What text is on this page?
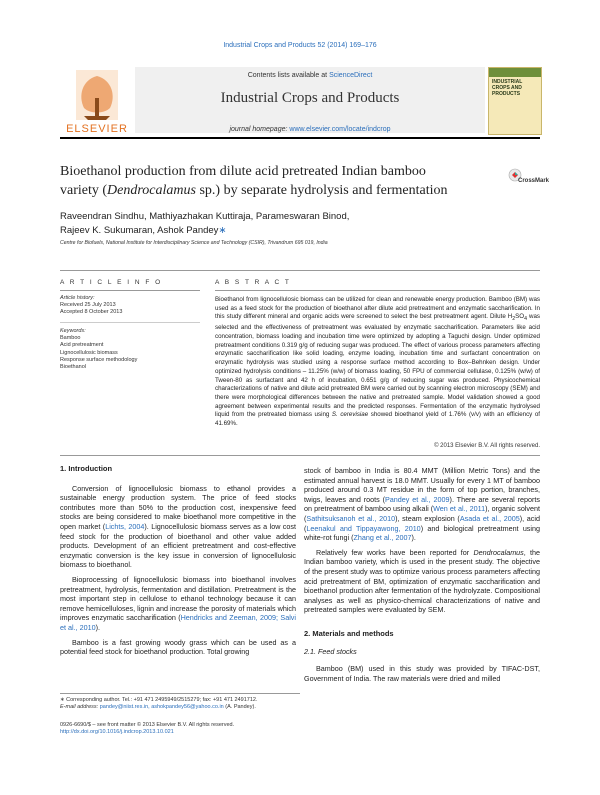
Industrial Crops and Products 52 (2014) 169–176
ELSEVIER
Contents lists available at ScienceDirect
Industrial Crops and Products
journal homepage: www.elsevier.com/locate/indcrop
INDUSTRIAL CROPS AND PRODUCTS
Bioethanol production from dilute acid pretreated Indian bamboo
variety (Dendrocalamus sp.) by separate hydrolysis and fermentation
CrossMark
Raveendran Sindhu, Mathiyazhakan Kuttiraja, Parameswaran Binod,
Rajeev K. Sukumaran, Ashok Pandey∗
Centre for Biofuels, National Institute for Interdisciplinary Science and Technology (CSIR), Trivandrum 695 019, India
A R T I C L E I N F O
Article history:
Received 25 July 2013
Accepted 8 October 2013
Keywords:
Bamboo
Acid pretreatment
Lignocellulosic biomass
Response surface methodology
Bioethanol
A B S T R A C T
Bioethanol from lignocellulosic biomass can be utilized for clean and renewable energy production. Bamboo (BM) was used as a feed stock for the production of bioethanol after dilute acid pretreatment and enzymatic saccharification. In this study different mineral and organic acids were screened to select the best pretreatment agent. Dilute $H_2SO_4$ was selected and the effectiveness of pretreatment was evaluated by enzymatic saccharification. Parameters like acid concentration, biomass loading and incubation time were optimized by adopting a Taguchi design. Under optimized pretreatment conditions 0.319 g/g of reducing sugar was produced. The effect of various process parameters affecting enzymatic saccharification like solid loading, enzyme loading, incubation time and surfactant concentration on enzymatic hydrolysis was studied using a response surface method according to Box–Behnken design. Under optimized hydrolysis conditions – 11.25% (w/w) of biomass loading, 50 FPU of commercial cellulase, 0.125% (w/w) of Tween-80 as surfactant and 42 h of incubation, 0.651 g/g of reducing sugar was produced. Physicochemical characterizations of native and dilute acid pretreated BM were carried out by scanning electron microscopy (SEM) and there were morphological differences between the native and pretreated sample. Model validation showed a good agreement between experimental results and the predicted responses. Fermentation of the enzymatic hydrolysed liquid from the pretreated biomass using S. cerevisiae showed bioethanol yield of 1.76% (v/v) with an efficiency of 41.69%.
© 2013 Elsevier B.V. All rights reserved.
1. Introduction

Conversion of lignocellulosic biomass to ethanol provides a sustainable energy production system. The price of feed stocks contributes more than 50% to the production cost, inexpensive feed stocks are being considered to make bioethanol more competitive in the open market (Lichts, 2004). Lignocellulosic biomass serves as a low cost feed stock for the production of bioethanol and other value added products. Development of an efficient pretreatment and cost-effective enzymatic conversion is the key issue in conversion of lignocellulosic biomass to bioethanol.

Bioprocessing of lignocellulosic biomass into bioethanol involves pretreatment, hydrolysis, fermentation and distillation. Pretreatment is the most important step in cellulose to ethanol technology because it can remove hemicelluloses, lignin and increase the porosity of materials which improves enzymatic saccharification (Hendricks and Zeeman, 2009; Salvi et al., 2010).

Bamboo is a fast growing woody grass which can be used as a potential feed stock for bioethanol production. Total growing

stock of bamboo in India is 80.4 MMT (Million Metric Tons) and the estimated annual harvest is 18.0 MMT. Usually for every 1 MT of bamboo produced around 0.3 MT residue in the form of top portion, branches, twigs, leaves and roots (Pandey et al., 2009). There are several reports on pretreatment of bamboo using alkali (Wen et al., 2011), organic solvent (Sathitsuksanoh et al., 2010), steam explosion (Asada et al., 2005), acid (Leenakul and Tippayawong, 2010) and biological pretreatment using white-rot fungi (Zhang et al., 2007).

Relatively few works have been reported for Dendrocalamus, the Indian bamboo variety, which is used in the present study. The objective of the present study was to optimize various process parameters affecting acid pretreatment of BM, optimization of enzymatic saccharification and bioethanol production after fermentation of the hydrolyzate. Compositional analyses as well as physico-chemical characterizations of native and pretreated samples were evaluated by SEM.

2. Materials and methods
2.1. Feed stocks

Bamboo (BM) used in this study was provided by TIFAC-DST, Government of India. The raw materials were dried and milled

∗ Corresponding author. Tel.: +91 471 2495949/2515279; fax: +91 471 2491712.
E-mail address: pandey@niist.res.in, ashokpandey56@yahoo.co.in (A. Pandey).
0926-6690/$ – see front matter © 2013 Elsevier B.V. All rights reserved.
http://dx.doi.org/10.1016/j.indcrop.2013.10.021
